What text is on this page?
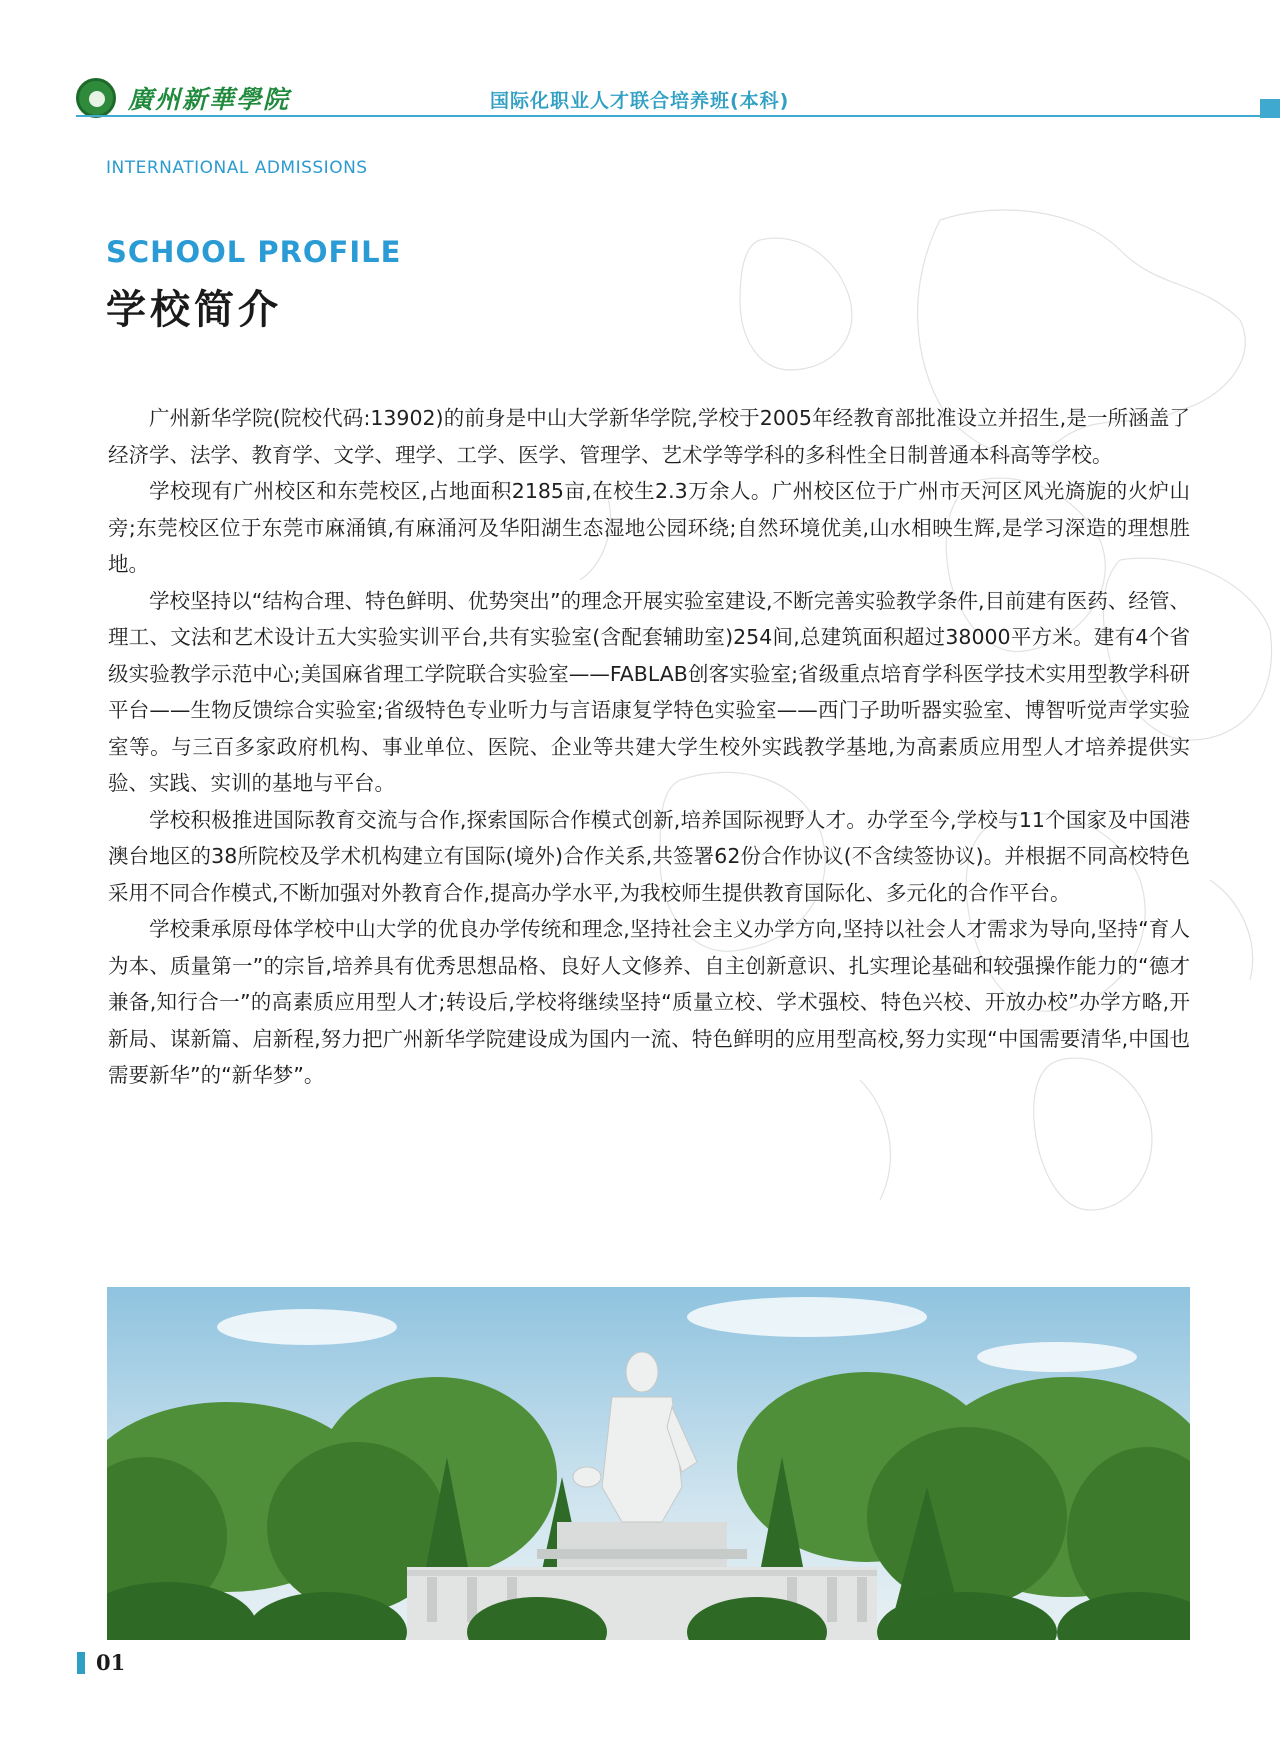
廣州新華學院	国际化职业人才联合培养班(本科)
INTERNATIONAL ADMISSIONS
SCHOOL PROFILE
学校简介

广州新华学院(院校代码:13902)的前身是中山大学新华学院,学校于2005年经教育部批准设立并招生,是一所涵盖了经济学、法学、教育学、文学、理学、工学、医学、管理学、艺术学等学科的多科性全日制普通本科高等学校。

学校现有广州校区和东莞校区,占地面积2185亩,在校生2.3万余人。广州校区位于广州市天河区风光旖旎的火炉山旁;东莞校区位于东莞市麻涌镇,有麻涌河及华阳湖生态湿地公园环绕;自然环境优美,山水相映生辉,是学习深造的理想胜地。

学校坚持以“结构合理、特色鲜明、优势突出”的理念开展实验室建设,不断完善实验教学条件,目前建有医药、经管、理工、文法和艺术设计五大实验实训平台,共有实验室(含配套辅助室)254间,总建筑面积超过38000平方米。建有4个省级实验教学示范中心;美国麻省理工学院联合实验室——FABLAB创客实验室;省级重点培育学科医学技术实用型教学科研平台——生物反馈综合实验室;省级特色专业听力与言语康复学特色实验室——西门子助听器实验室、博智听觉声学实验室等。与三百多家政府机构、事业单位、医院、企业等共建大学生校外实践教学基地,为高素质应用型人才培养提供实验、实践、实训的基地与平台。

学校积极推进国际教育交流与合作,探索国际合作模式创新,培养国际视野人才。办学至今,学校与11个国家及中国港澳台地区的38所院校及学术机构建立有国际(境外)合作关系,共签署62份合作协议(不含续签协议)。并根据不同高校特色采用不同合作模式,不断加强对外教育合作,提高办学水平,为我校师生提供教育国际化、多元化的合作平台。

学校秉承原母体学校中山大学的优良办学传统和理念,坚持社会主义办学方向,坚持以社会人才需求为导向,坚持“育人为本、质量第一”的宗旨,培养具有优秀思想品格、良好人文修养、自主创新意识、扎实理论基础和较强操作能力的“德才兼备,知行合一”的高素质应用型人才;转设后,学校将继续坚持“质量立校、学术强校、特色兴校、开放办校”办学方略,开新局、谋新篇、启新程,努力把广州新华学院建设成为国内一流、特色鲜明的应用型高校,努力实现“中国需要清华,中国也需要新华”的“新华梦”。

01
